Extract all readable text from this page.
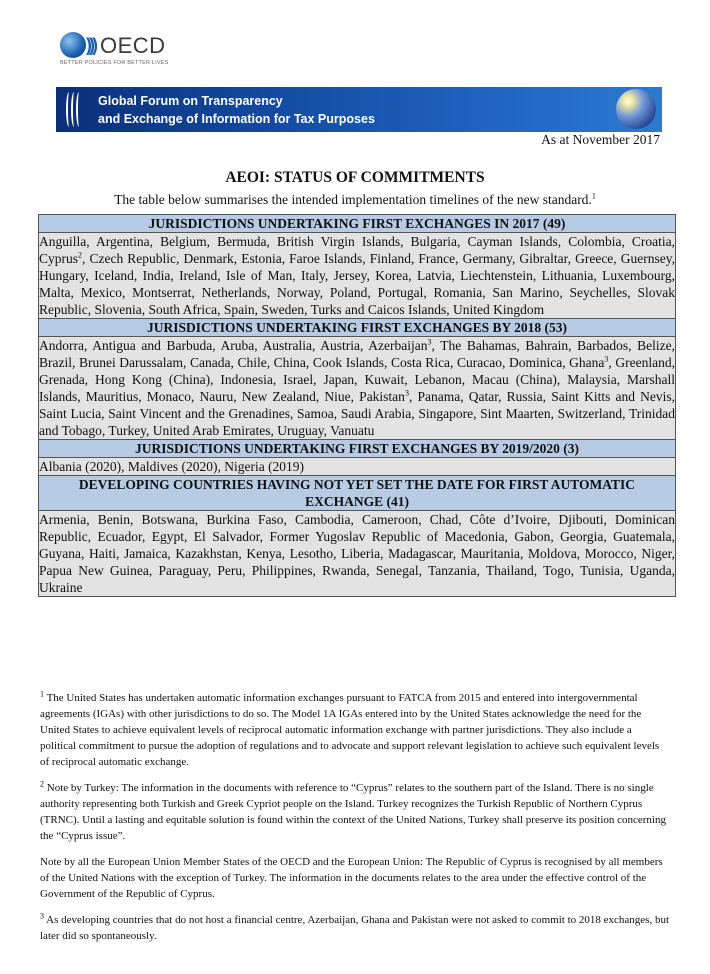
))) OECD
BETTER POLICIES FOR BETTER LIVES
Global Forum on Transparency
and Exchange of Information for Tax Purposes
As at November 2017
AEOI: STATUS OF COMMITMENTS
The table below summarises the intended implementation timelines of the new standard.$^1$
JURISDICTIONS UNDERTAKING FIRST EXCHANGES IN 2017 (49)
Anguilla, Argentina, Belgium, Bermuda, British Virgin Islands, Bulgaria, Cayman Islands, Colombia, Croatia, Cyprus$^2$, Czech Republic, Denmark, Estonia, Faroe Islands, Finland, France, Germany, Gibraltar, Greece, Guernsey, Hungary, Iceland, India, Ireland, Isle of Man, Italy, Jersey, Korea, Latvia, Liechtenstein, Lithuania, Luxembourg, Malta, Mexico, Montserrat, Netherlands, Norway, Poland, Portugal, Romania, San Marino, Seychelles, Slovak Republic, Slovenia, South Africa, Spain, Sweden, Turks and Caicos Islands, United Kingdom
JURISDICTIONS UNDERTAKING FIRST EXCHANGES BY 2018 (53)
Andorra, Antigua and Barbuda, Aruba, Australia, Austria, Azerbaijan$^3$, The Bahamas, Bahrain, Barbados, Belize, Brazil, Brunei Darussalam, Canada, Chile, China, Cook Islands, Costa Rica, Curacao, Dominica, Ghana$^3$, Greenland, Grenada, Hong Kong (China), Indonesia, Israel, Japan, Kuwait, Lebanon, Macau (China), Malaysia, Marshall Islands, Mauritius, Monaco, Nauru, New Zealand, Niue, Pakistan$^3$, Panama, Qatar, Russia, Saint Kitts and Nevis, Saint Lucia, Saint Vincent and the Grenadines, Samoa, Saudi Arabia, Singapore, Sint Maarten, Switzerland, Trinidad and Tobago, Turkey, United Arab Emirates, Uruguay, Vanuatu
JURISDICTIONS UNDERTAKING FIRST EXCHANGES BY 2019/2020 (3)
Albania (2020), Maldives (2020), Nigeria (2019)
DEVELOPING COUNTRIES HAVING NOT YET SET THE DATE FOR FIRST AUTOMATIC EXCHANGE (41)
Armenia, Benin, Botswana, Burkina Faso, Cambodia, Cameroon, Chad, Côte d’Ivoire, Djibouti, Dominican Republic, Ecuador, Egypt, El Salvador, Former Yugoslav Republic of Macedonia, Gabon, Georgia, Guatemala, Guyana, Haiti, Jamaica, Kazakhstan, Kenya, Lesotho, Liberia, Madagascar, Mauritania, Moldova, Morocco, Niger, Papua New Guinea, Paraguay, Peru, Philippines, Rwanda, Senegal, Tanzania, Thailand, Togo, Tunisia, Uganda, Ukraine

$^1$ The United States has undertaken automatic information exchanges pursuant to FATCA from 2015 and entered into intergovernmental agreements (IGAs) with other jurisdictions to do so. The Model 1A IGAs entered into by the United States acknowledge the need for the United States to achieve equivalent levels of reciprocal automatic information exchange with partner jurisdictions. They also include a political commitment to pursue the adoption of regulations and to advocate and support relevant legislation to achieve such equivalent levels of reciprocal automatic exchange.

$^2$ Note by Turkey: The information in the documents with reference to “Cyprus” relates to the southern part of the Island. There is no single authority representing both Turkish and Greek Cypriot people on the Island. Turkey recognizes the Turkish Republic of Northern Cyprus (TRNC). Until a lasting and equitable solution is found within the context of the United Nations, Turkey shall preserve its position concerning the “Cyprus issue”.

Note by all the European Union Member States of the OECD and the European Union: The Republic of Cyprus is recognised by all members of the United Nations with the exception of Turkey. The information in the documents relates to the area under the effective control of the Government of the Republic of Cyprus.

$^3$ As developing countries that do not host a financial centre, Azerbaijan, Ghana and Pakistan were not asked to commit to 2018 exchanges, but later did so spontaneously.
